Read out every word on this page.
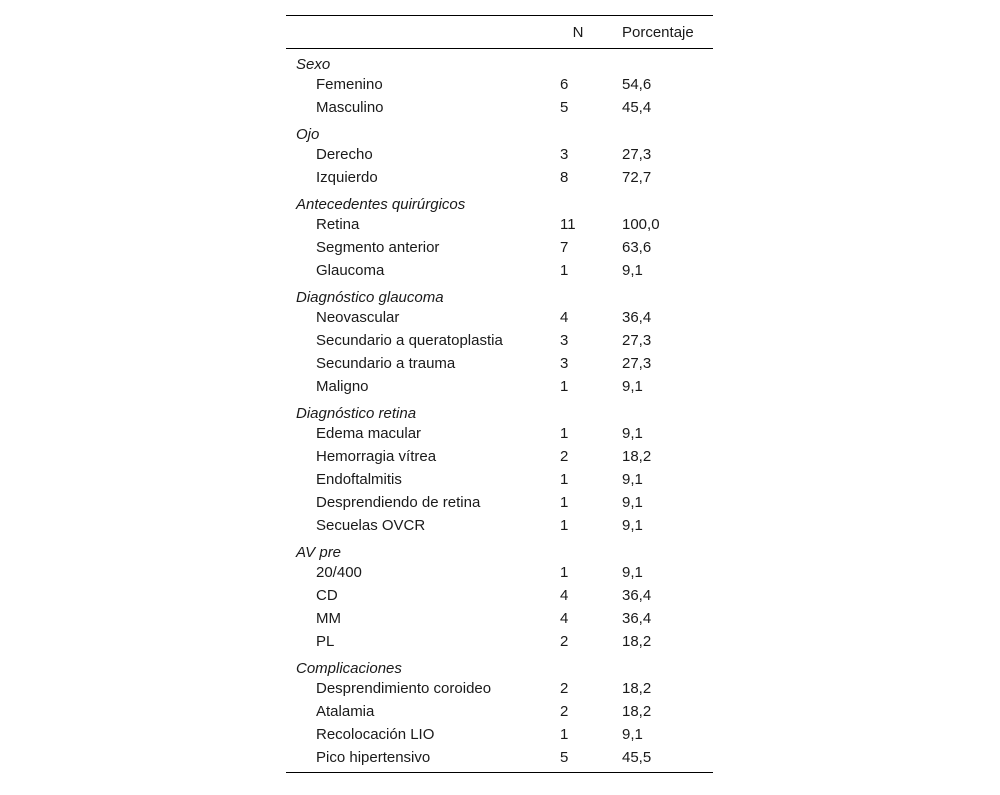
	N	Porcentaje
Sexo		
Femenino	6	54,6
Masculino	5	45,4
Ojo		
Derecho	3	27,3
Izquierdo	8	72,7
Antecedentes quirúrgicos		
Retina	11	100,0
Segmento anterior	7	63,6
Glaucoma	1	9,1
Diagnóstico glaucoma		
Neovascular	4	36,4
Secundario a queratoplastia	3	27,3
Secundario a trauma	3	27,3
Maligno	1	9,1
Diagnóstico retina		
Edema macular	1	9,1
Hemorragia vítrea	2	18,2
Endoftalmitis	1	9,1
Desprendiendo de retina	1	9,1
Secuelas OVCR	1	9,1
AV pre		
20/400	1	9,1
CD	4	36,4
MM	4	36,4
PL	2	18,2
Complicaciones		
Desprendimiento coroideo	2	18,2
Atalamia	2	18,2
Recolocación LIO	1	9,1
Pico hipertensivo	5	45,5
